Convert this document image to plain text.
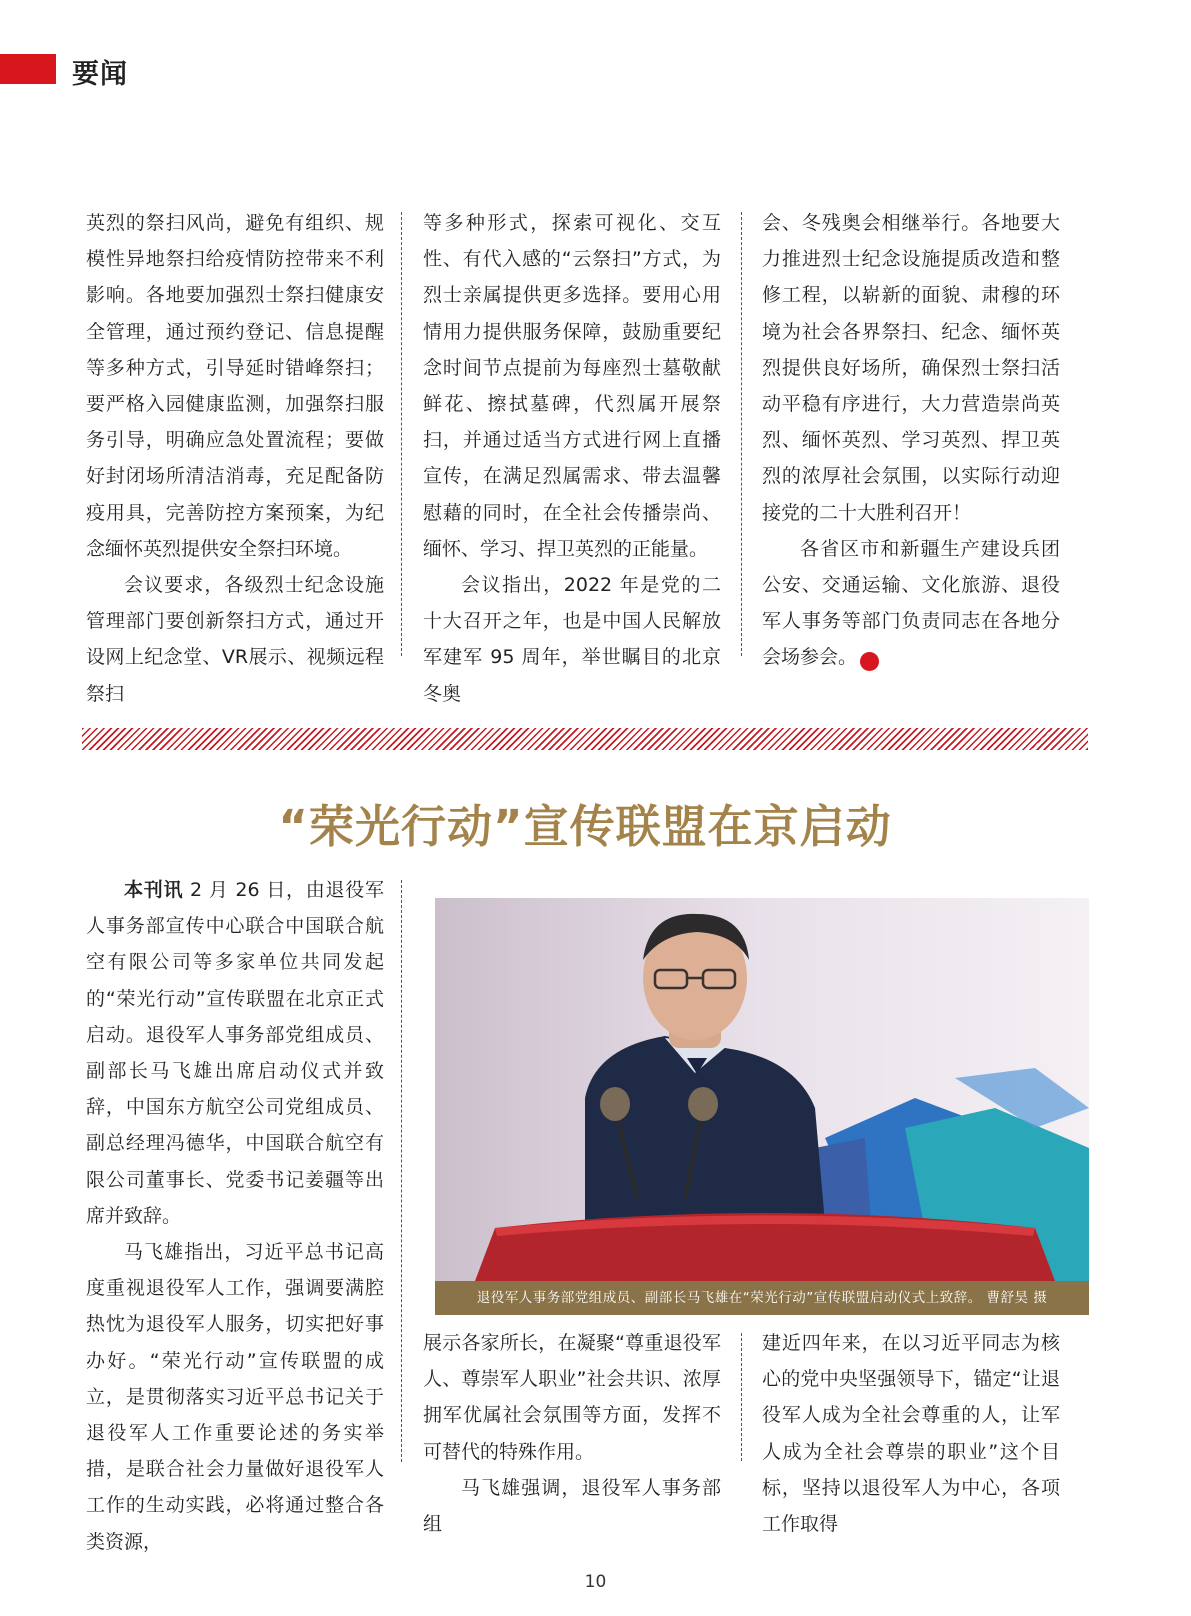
要闻

英烈的祭扫风尚，避免有组织、规模性异地祭扫给疫情防控带来不利影响。各地要加强烈士祭扫健康安全管理，通过预约登记、信息提醒等多种方式，引导延时错峰祭扫；要严格入园健康监测，加强祭扫服务引导，明确应急处置流程；要做好封闭场所清洁消毒，充足配备防疫用具，完善防控方案预案，为纪念缅怀英烈提供安全祭扫环境。

会议要求，各级烈士纪念设施管理部门要创新祭扫方式，通过开设网上纪念堂、VR展示、视频远程祭扫

等多种形式，探索可视化、交互性、有代入感的“云祭扫”方式，为烈士亲属提供更多选择。要用心用情用力提供服务保障，鼓励重要纪念时间节点提前为每座烈士墓敬献鲜花、擦拭墓碑，代烈属开展祭扫，并通过适当方式进行网上直播宣传，在满足烈属需求、带去温馨慰藉的同时，在全社会传播崇尚、缅怀、学习、捍卫英烈的正能量。

会议指出，2022 年是党的二十大召开之年，也是中国人民解放军建军 95 周年，举世瞩目的北京冬奥

会、冬残奥会相继举行。各地要大力推进烈士纪念设施提质改造和整修工程，以崭新的面貌、肃穆的环境为社会各界祭扫、纪念、缅怀英烈提供良好场所，确保烈士祭扫活动平稳有序进行，大力营造崇尚英烈、缅怀英烈、学习英烈、捍卫英烈的浓厚社会氛围，以实际行动迎接党的二十大胜利召开！

各省区市和新疆生产建设兵团公安、交通运输、文化旅游、退役军人事务等部门负责同志在各地分会场参会。	▼

“荣光行动”宣传联盟在京启动

本刊讯 2 月 26 日，由退役军人事务部宣传中心联合中国联合航空有限公司等多家单位共同发起的“荣光行动”宣传联盟在北京正式启动。退役军人事务部党组成员、副部长马飞雄出席启动仪式并致辞，中国东方航空公司党组成员、副总经理冯德华，中国联合航空有限公司董事长、党委书记姜疆等出席并致辞。

马飞雄指出，习近平总书记高度重视退役军人工作，强调要满腔热忱为退役军人服务，切实把好事办好。“荣光行动”宣传联盟的成立，是贯彻落实习近平总书记关于退役军人工作重要论述的务实举措，是联合社会力量做好退役军人工作的生动实践，必将通过整合各类资源，

退役军人事务部党组成员、副部长马飞雄在“荣光行动”宣传联盟启动仪式上致辞。 曹舒昊 摄

展示各家所长，在凝聚“尊重退役军人、尊崇军人职业”社会共识、浓厚拥军优属社会氛围等方面，发挥不可替代的特殊作用。

马飞雄强调，退役军人事务部组

建近四年来，在以习近平同志为核心的党中央坚强领导下，锚定“让退役军人成为全社会尊重的人，让军人成为全社会尊崇的职业”这个目标，坚持以退役军人为中心，各项工作取得

10
